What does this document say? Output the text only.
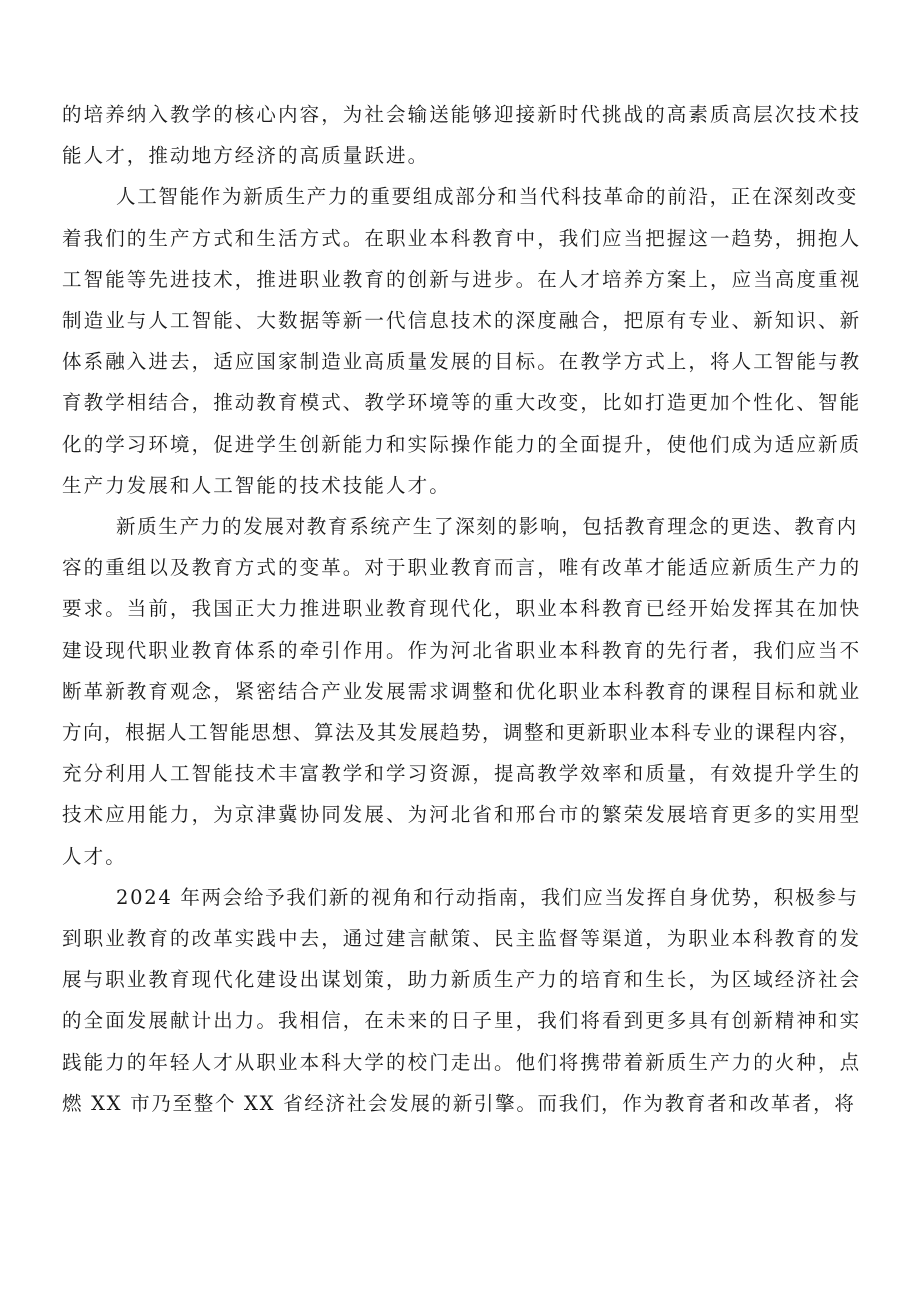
的培养纳入教学的核心内容，为社会输送能够迎接新时代挑战的高素质高层次技术技
能人才，推动地方经济的高质量跃进。

人工智能作为新质生产力的重要组成部分和当代科技革命的前沿，正在深刻改变
着我们的生产方式和生活方式。在职业本科教育中，我们应当把握这一趋势，拥抱人
工智能等先进技术，推进职业教育的创新与进步。在人才培养方案上，应当高度重视
制造业与人工智能、大数据等新一代信息技术的深度融合，把原有专业、新知识、新
体系融入进去，适应国家制造业高质量发展的目标。在教学方式上，将人工智能与教
育教学相结合，推动教育模式、教学环境等的重大改变，比如打造更加个性化、智能
化的学习环境，促进学生创新能力和实际操作能力的全面提升，使他们成为适应新质
生产力发展和人工智能的技术技能人才。

新质生产力的发展对教育系统产生了深刻的影响，包括教育理念的更迭、教育内
容的重组以及教育方式的变革。对于职业教育而言，唯有改革才能适应新质生产力的
要求。当前，我国正大力推进职业教育现代化，职业本科教育已经开始发挥其在加快
建设现代职业教育体系的牵引作用。作为河北省职业本科教育的先行者，我们应当不
断革新教育观念，紧密结合产业发展需求调整和优化职业本科教育的课程目标和就业
方向，根据人工智能思想、算法及其发展趋势，调整和更新职业本科专业的课程内容，
充分利用人工智能技术丰富教学和学习资源，提高教学效率和质量，有效提升学生的
技术应用能力，为京津冀协同发展、为河北省和邢台市的繁荣发展培育更多的实用型
人才。

2024 年两会给予我们新的视角和行动指南，我们应当发挥自身优势，积极参与
到职业教育的改革实践中去，通过建言献策、民主监督等渠道，为职业本科教育的发
展与职业教育现代化建设出谋划策，助力新质生产力的培育和生长，为区域经济社会
的全面发展献计出力。我相信，在未来的日子里，我们将看到更多具有创新精神和实
践能力的年轻人才从职业本科大学的校门走出。他们将携带着新质生产力的火种，点
燃 XX 市乃至整个 XX 省经济社会发展的新引擎。而我们，作为教育者和改革者，将
